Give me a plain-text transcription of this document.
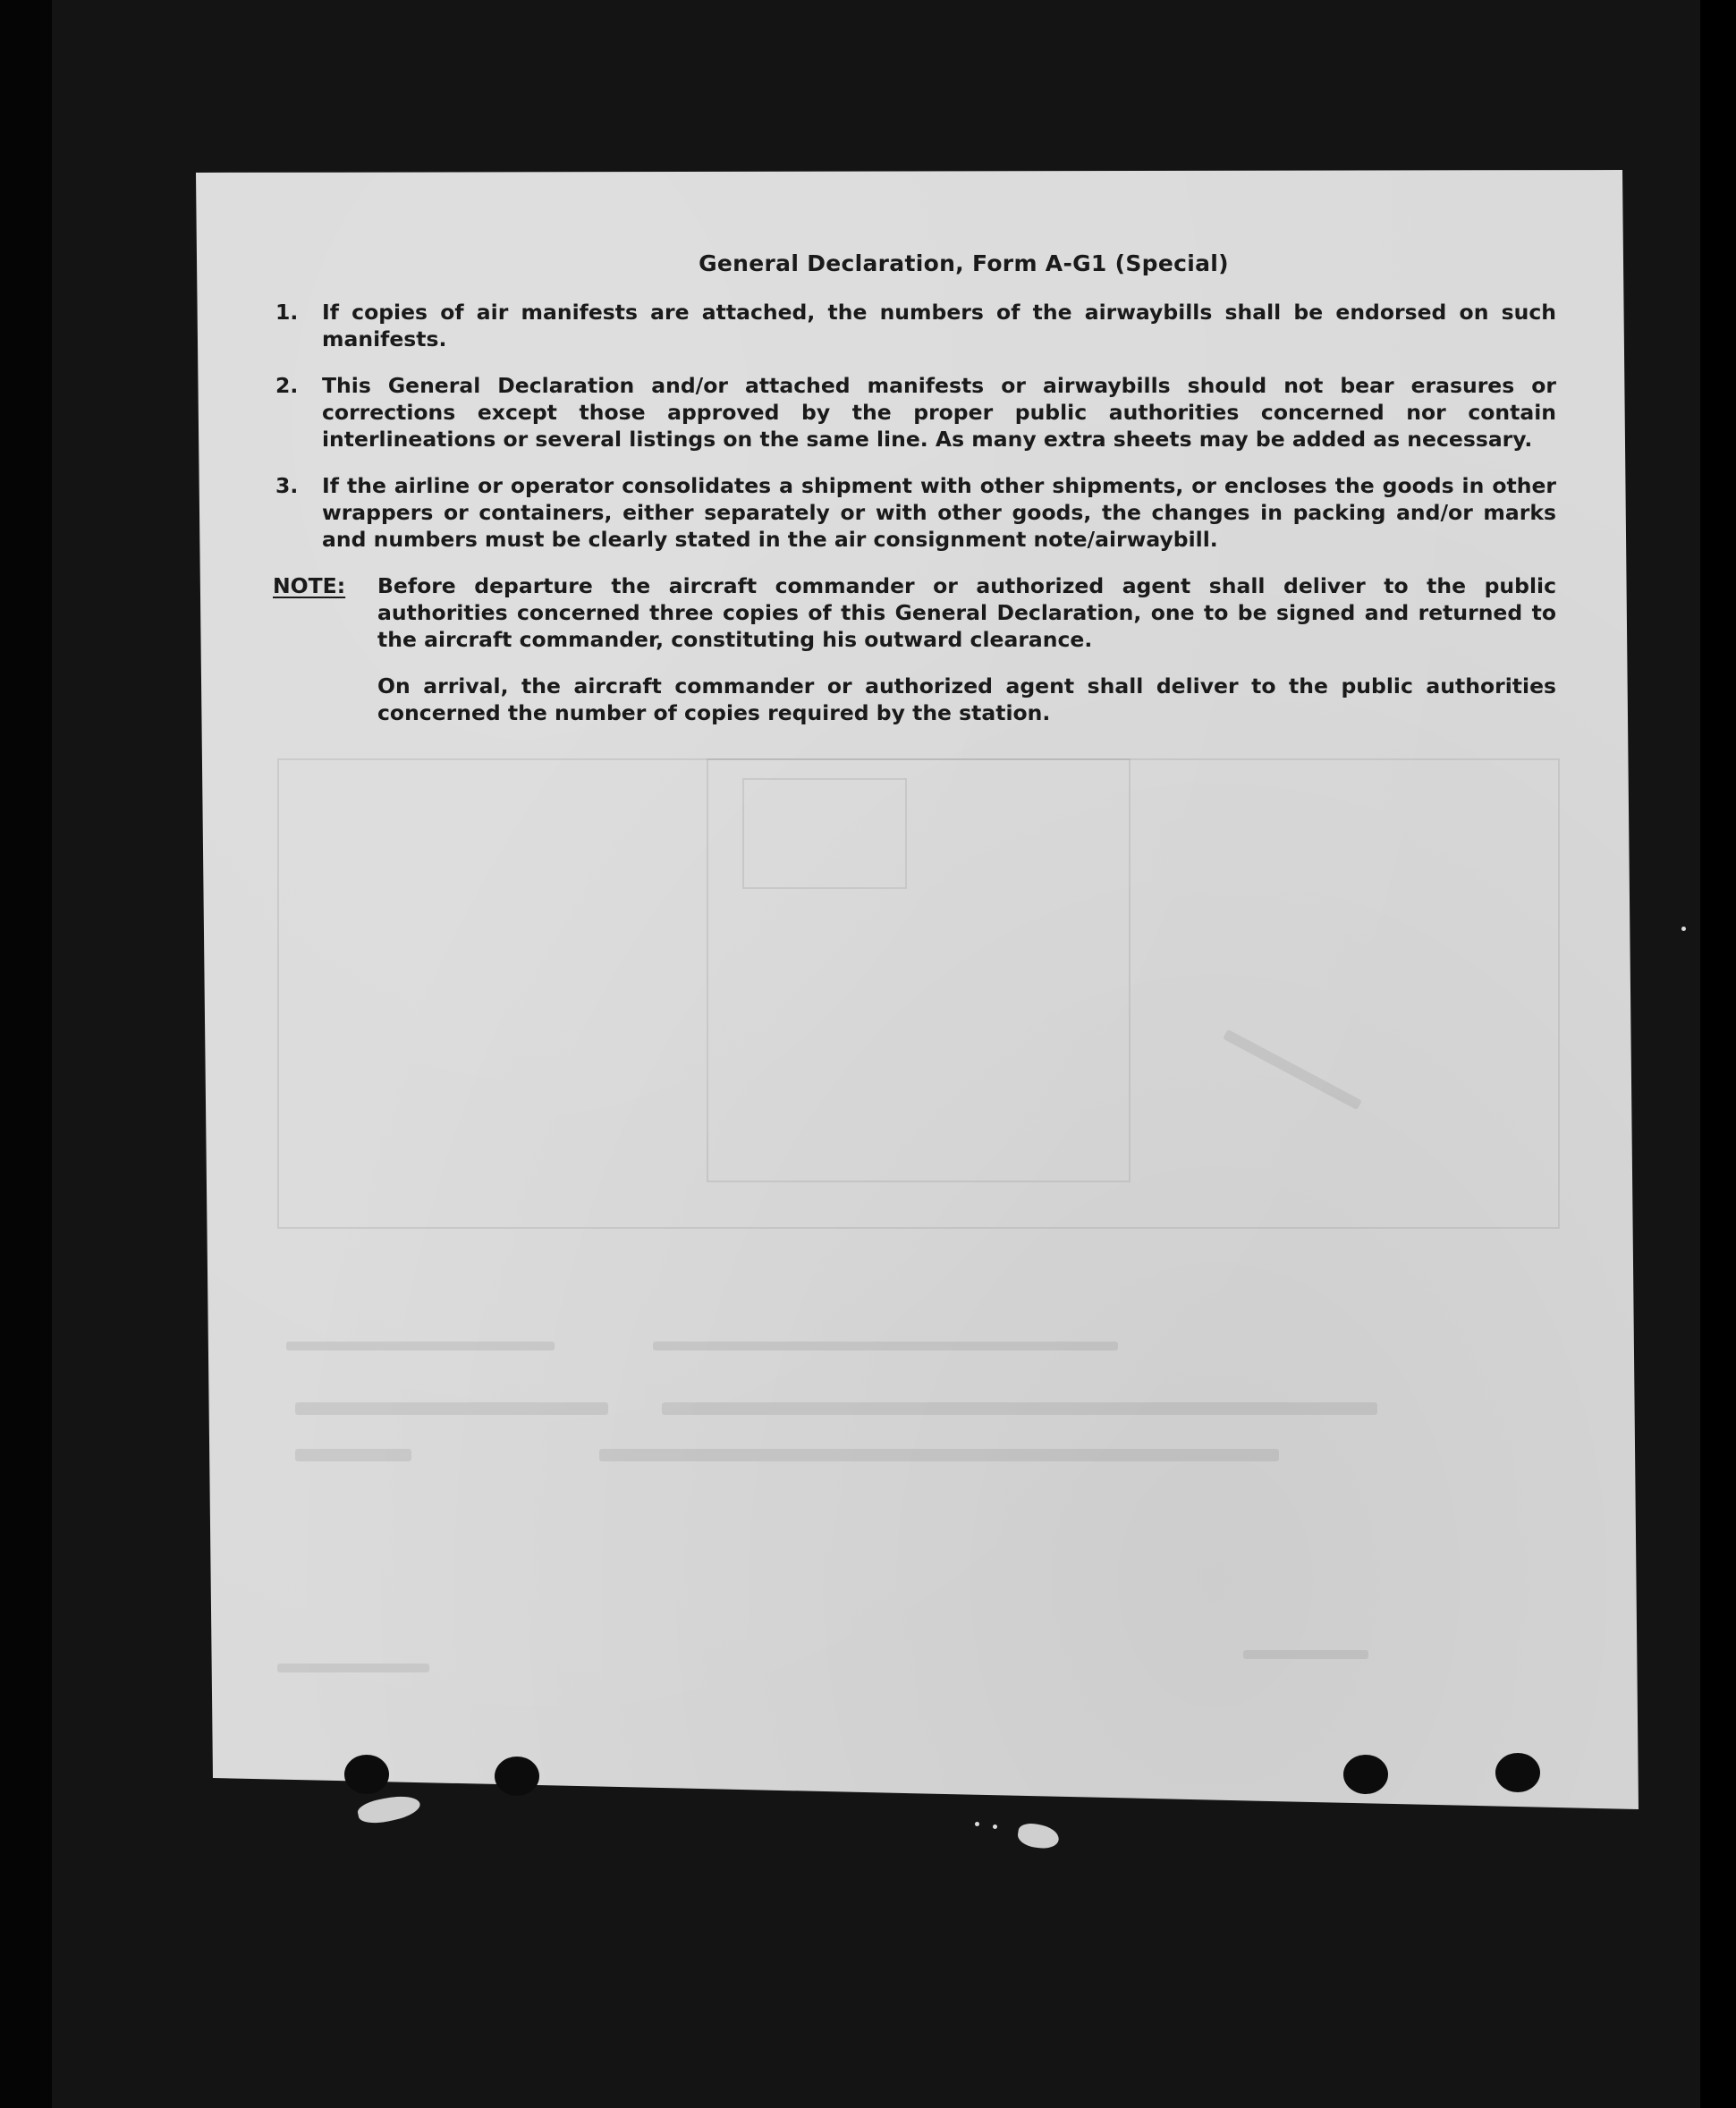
General Declaration, Form A-G1 (Special)
1.	If copies of air manifests are attached, the numbers of the airwaybills shall be endorsed on such manifests.
2.	This General Declaration and/or attached manifests or airwaybills should not bear erasures or corrections except those approved by the proper public authorities concerned nor contain interlineations or several listings on the same line. As many extra sheets may be added as necessary.
3.	If the airline or operator consolidates a shipment with other shipments, or encloses the goods in other wrappers or containers, either separately or with other goods, the changes in packing and/or marks and numbers must be clearly stated in the air consignment note/airwaybill.
NOTE:	Before departure the aircraft commander or authorized agent shall deliver to the public authorities concerned three copies of this General Declaration, one to be signed and returned to the aircraft commander, constituting his outward clearance.

On arrival, the aircraft commander or authorized agent shall deliver to the public authorities concerned the number of copies required by the station.
